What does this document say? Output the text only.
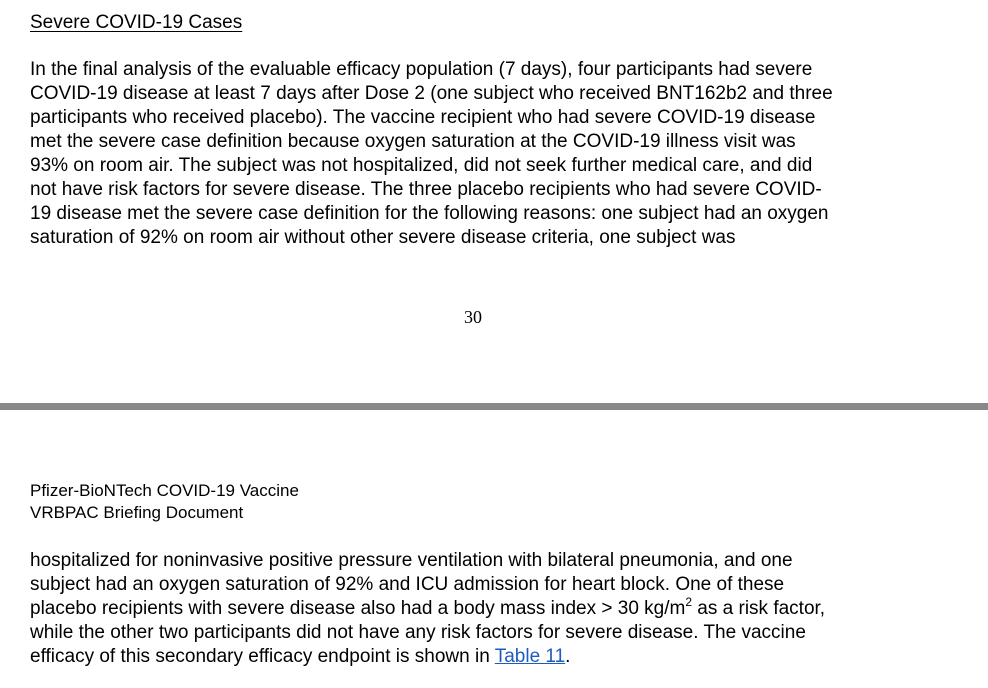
Severe COVID-19 Cases
In the final analysis of the evaluable efficacy population (7 days), four participants had severe
COVID-19 disease at least 7 days after Dose 2 (one subject who received BNT162b2 and three
participants who received placebo). The vaccine recipient who had severe COVID-19 disease
met the severe case definition because oxygen saturation at the COVID-19 illness visit was
93% on room air. The subject was not hospitalized, did not seek further medical care, and did
not have risk factors for severe disease. The three placebo recipients who had severe COVID-
19 disease met the severe case definition for the following reasons: one subject had an oxygen
saturation of 92% on room air without other severe disease criteria, one subject was
30
Pfizer-BioNTech COVID-19 Vaccine
VRBPAC Briefing Document
hospitalized for noninvasive positive pressure ventilation with bilateral pneumonia, and one
subject had an oxygen saturation of 92% and ICU admission for heart block. One of these
placebo recipients with severe disease also had a body mass index > 30 $kg/m^2$ as a risk factor,
while the other two participants did not have any risk factors for severe disease. The vaccine
efficacy of this secondary efficacy endpoint is shown in Table 11.
